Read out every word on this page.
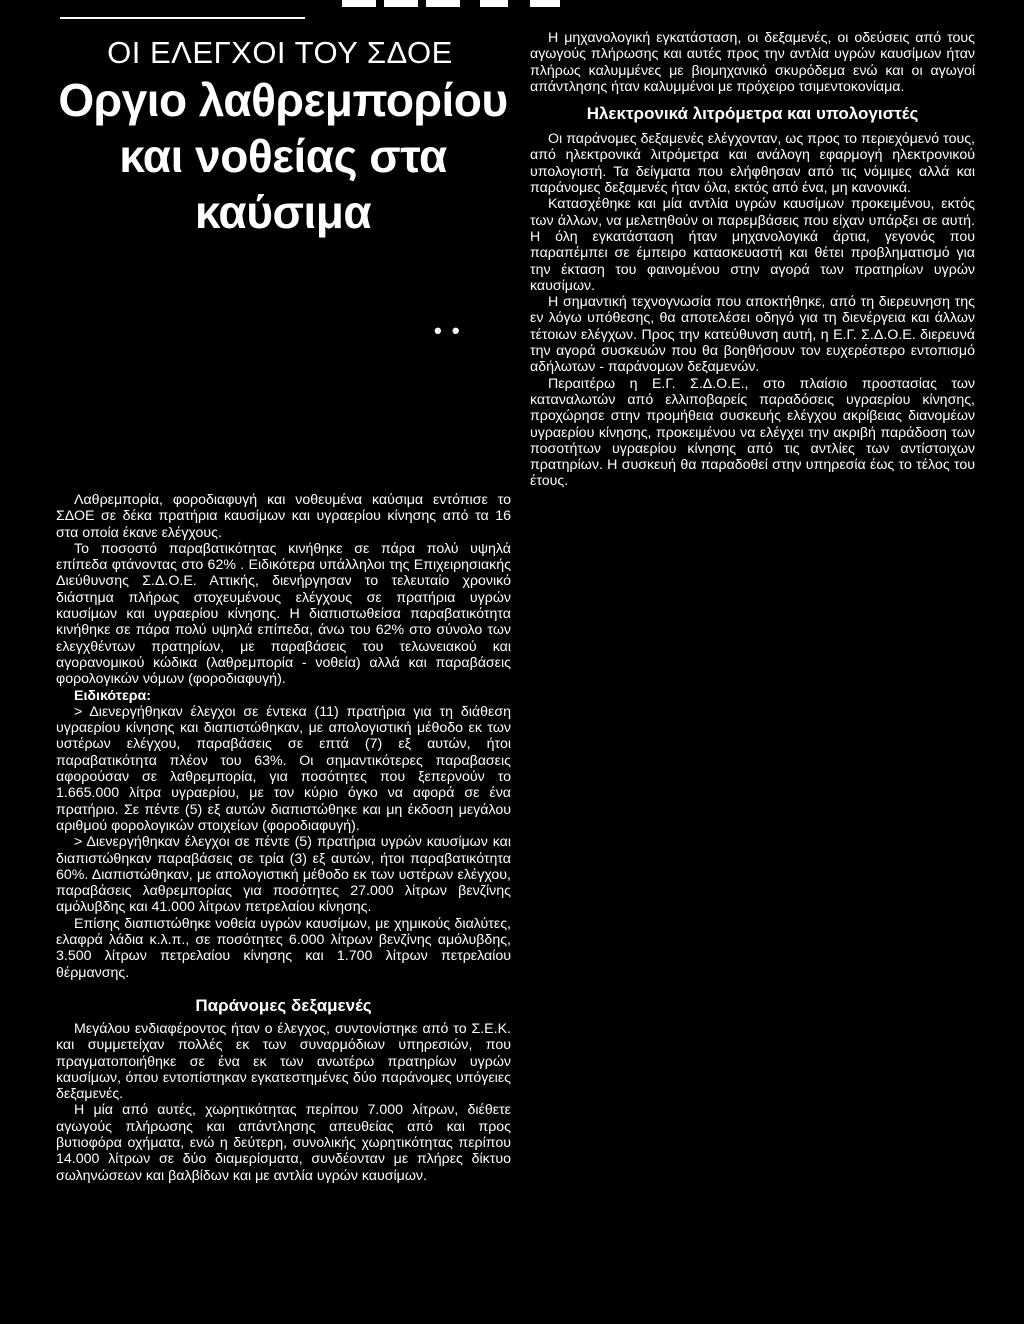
ΟΙ ΕΛΕΓΧΟΙ ΤΟΥ ΣΔΟΕ
Οργιο λαθρεμπορίου και νοθείας στα καύσιμα
• •

Λαθρεμπορία, φοροδιαφυγή και νοθευμένα καύσιμα εντόπισε το ΣΔΟΕ σε δέκα πρατήρια καυσίμων και υγραερίου κίνησης από τα 16 στα οποία έκανε ελέγχους.

Το ποσοστό παραβατικότητας κινήθηκε σε πάρα πολύ υψηλά επίπεδα φτάνοντας στο 62% . Ειδικότερα υπάλληλοι της Επιχειρησιακής Διεύθυνσης Σ.Δ.Ο.Ε. Αττικής, διενήργησαν το τελευταίο χρονικό διάστημα πλήρως στοχευμένους ελέγχους σε πρατήρια υγρών καυσίμων και υγραερίου κίνησης. Η διαπιστωθείσα παραβατικότητα κινήθηκε σε πάρα πολύ υψηλά επίπεδα, άνω του 62% στο σύνολο των ελεγχθέντων πρατηρίων, με παραβάσεις του τελωνειακού και αγορανομικού κώδικα (λαθρεμπορία - νοθεία) αλλά και παραβάσεις φορολογικών νόμων (φοροδιαφυγή).

Ειδικότερα:

> Διενεργήθηκαν έλεγχοι σε έντεκα (11) πρατήρια για τη διάθεση υγραερίου κίνησης και διαπιστώθηκαν, με απολογιστική μέθοδο εκ των υστέρων ελέγχου, παραβάσεις σε επτά (7) εξ αυτών, ήτοι παραβατικότητα πλέον του 63%. Οι σημαντικότερες παραβασεις αφορούσαν σε λαθρεμπορία, για ποσότητες που ξεπερνούν το 1.665.000 λίτρα υγραερίου, με τον κύριο όγκο να αφορά σε ένα πρατήριο. Σε πέντε (5) εξ αυτών διαπιστώθηκε και μη έκδοση μεγάλου αριθμού φορολογικών στοιχείων (φοροδιαφυγή).

> Διενεργήθηκαν έλεγχοι σε πέντε (5) πρατήρια υγρών καυσίμων και διαπιστώθηκαν παραβάσεις σε τρία (3) εξ αυτών, ήτοι παραβατικότητα 60%. Διαπιστώθηκαν, με απολογιστική μέθοδο εκ των υστέρων ελέγχου, παραβάσεις λαθρεμπορίας για ποσότητες 27.000 λίτρων βενζίνης αμόλυβδης και 41.000 λίτρων πετρελαίου κίνησης.

Επίσης διαπιστώθηκε νοθεία υγρών καυσίμων, με χημικούς διαλύτες, ελαφρά λάδια κ.λ.π., σε ποσότητες 6.000 λίτρων βενζίνης αμόλυβδης, 3.500 λίτρων πετρελαίου κίνησης και 1.700 λίτρων πετρελαίου θέρμανσης.

Παράνομες δεξαμενές

Μεγάλου ενδιαφέροντος ήταν ο έλεγχος, συντονίστηκε από το Σ.Ε.Κ. και συμμετείχαν πολλές εκ των συναρμόδιων υπηρεσιών, που πραγματοποιήθηκε σε ένα εκ των ανωτέρω πρατηρίων υγρών καυσίμων, όπου εντοπίστηκαν εγκατεστημένες δύο παράνομες υπόγειες δεξαμενές.

Η μία από αυτές, χωρητικότητας περίπου 7.000 λίτρων, διέθετε αγωγούς πλήρωσης και απάντλησης απευθείας από και προς βυτιοφόρα οχήματα, ενώ η δεύτερη, συνολικής χωρητικότητας περίπου 14.000 λίτρων σε δύο διαμερίσματα, συνδέονταν με πλήρες δίκτυο σωληνώσεων και βαλβίδων και με αντλία υγρών καυσίμων.

Η μηχανολογική εγκατάσταση, οι δεξαμενές, οι οδεύσεις από τους αγωγούς πλήρωσης και αυτές προς την αντλία υγρών καυσίμων ήταν πλήρως καλυμμένες με βιομηχανικό σκυρόδεμα ενώ και οι αγωγοί απάντλησης ήταν καλυμμένοι με πρόχειρο τσιμεντοκονίαμα.

Ηλεκτρονικά λιτρόμετρα και υπολογιστές

Οι παράνομες δεξαμενές ελέγχονταν, ως προς το περιεχόμενό τους, από ηλεκτρονικά λιτρόμετρα και ανάλογη εφαρμογή ηλεκτρονικού υπολογιστή. Τα δείγματα που ελήφθησαν από τις νόμιμες αλλά και παράνομες δεξαμενές ήταν όλα, εκτός από ένα, μη κανονικά.

Κατασχέθηκε και μία αντλία υγρών καυσίμων προκειμένου, εκτός των άλλων, να μελετηθούν οι παρεμβάσεις που είχαν υπάρξει σε αυτή. Η όλη εγκατάσταση ήταν μηχανολογικά άρτια, γεγονός που παραπέμπει σε έμπειρο κατασκευαστή και θέτει προβληματισμό για την έκταση του φαινομένου στην αγορά των πρατηρίων υγρών καυσίμων.

Η σημαντική τεχνογνωσία που αποκτήθηκε, από τη διερευνηση της εν λόγω υπόθεσης, θα αποτελέσει οδηγό για τη διενέργεια και άλλων τέτοιων ελέγχων. Προς την κατεύθυνση αυτή, η Ε.Γ. Σ.Δ.Ο.Ε. διερευνά την αγορά συσκευών που θα βοηθήσουν τον ευχερέστερο εντοπισμό αδήλωτων - παράνομων δεξαμενών.

Περαιτέρω η Ε.Γ. Σ.Δ.Ο.Ε., στο πλαίσιο προστασίας των καταναλωτών από ελλιποβαρείς παραδόσεις υγραερίου κίνησης, προχώρησε στην προμήθεια συσκευής ελέγχου ακρίβειας διανομέων υγραερίου κίνησης, προκειμένου να ελέγχει την ακριβή παράδοση των ποσοτήτων υγραερίου κίνησης από τις αντλίες των αντίστοιχων πρατηρίων. Η συσκευή θα παραδοθεί στην υπηρεσία έως το τέλος του έτους.
